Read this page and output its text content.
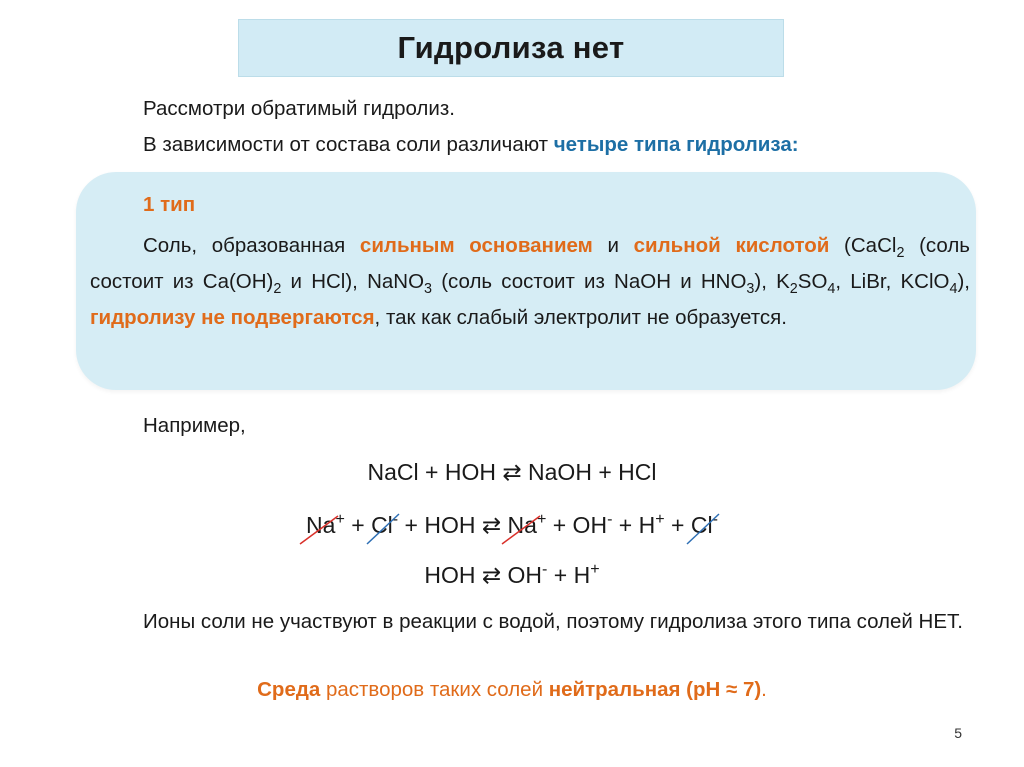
Гидролиза нет
Рассмотри обратимый гидролиз.
В зависимости от состава соли различают четыре типа гидролиза:
1 тип
Соль, образованная сильным основанием и сильной кислотой (CaCl$_2$ (соль состоит из $Ca(OH)_2$ и HCl), NaNO$_3$ (соль состоит из NaOH и $HNO_3$), $K_2SO_4$, LiBr, KClO$_4$), гидролизу не подвергаются, так как слабый электролит не образуется.
Например,
NaCl + HOH ⇄ NaOH + HCl
Na+
+ Cl-
+ HOH ⇄ Na+
+ OH- + H+ + Cl-
HOH ⇄ OH- + H+
Ионы соли не участвуют в реакции с водой, поэтому гидролиза этого типа солей НЕТ.
Среда растворов таких солей нейтральная (pH ≈ 7).
5
